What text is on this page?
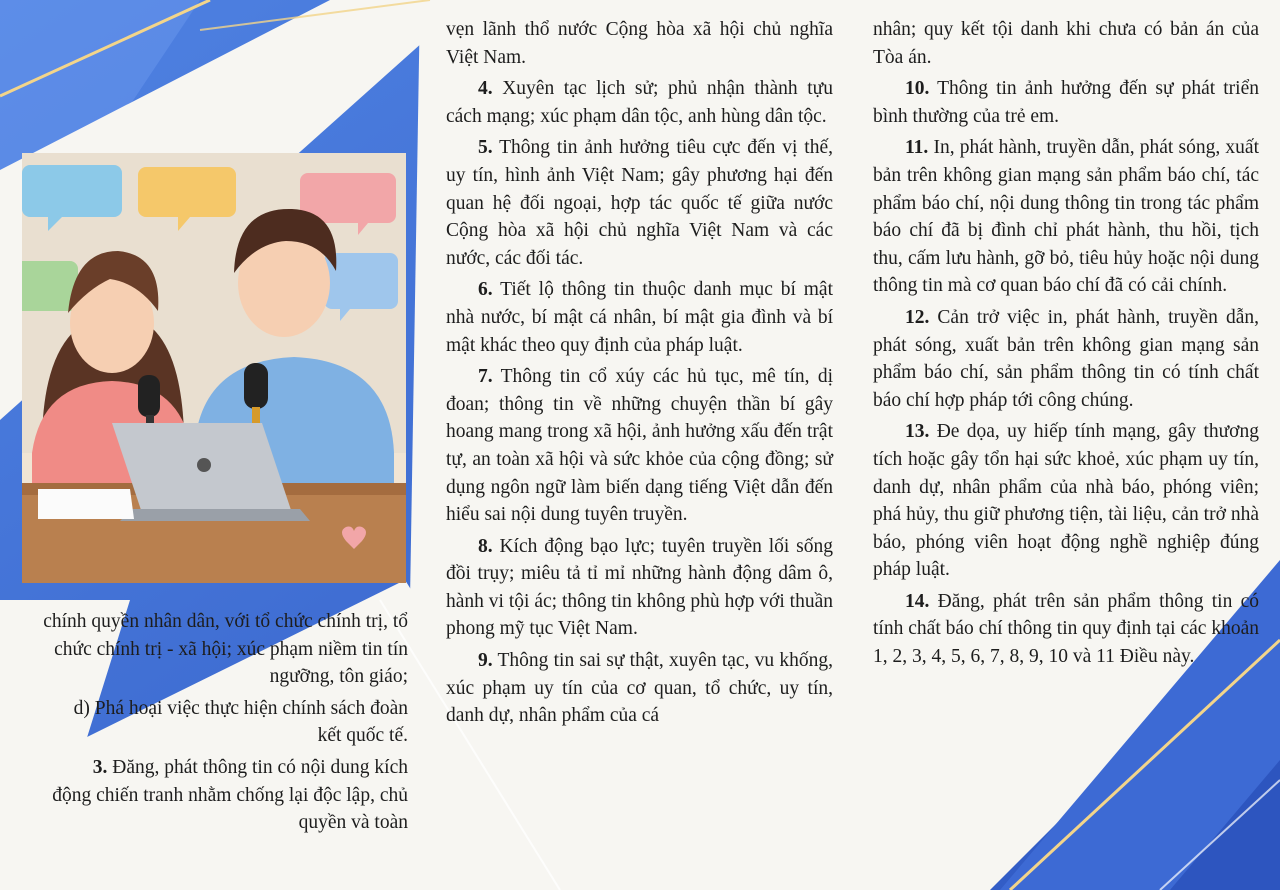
chính quyền nhân dân, với tổ chức chính trị, tổ chức chính trị - xã hội; xúc phạm niềm tin tín ngưỡng, tôn giáo;

d) Phá hoại việc thực hiện chính sách đoàn kết quốc tế.

3. Đăng, phát thông tin có nội dung kích động chiến tranh nhằm chống lại độc lập, chủ quyền và toàn

vẹn lãnh thổ nước Cộng hòa xã hội chủ nghĩa Việt Nam.

4. Xuyên tạc lịch sử; phủ nhận thành tựu cách mạng; xúc phạm dân tộc, anh hùng dân tộc.

5. Thông tin ảnh hưởng tiêu cực đến vị thế, uy tín, hình ảnh Việt Nam; gây phương hại đến quan hệ đối ngoại, hợp tác quốc tế giữa nước Cộng hòa xã hội chủ nghĩa Việt Nam và các nước, các đối tác.

6. Tiết lộ thông tin thuộc danh mục bí mật nhà nước, bí mật cá nhân, bí mật gia đình và bí mật khác theo quy định của pháp luật.

7. Thông tin cổ xúy các hủ tục, mê tín, dị đoan; thông tin về những chuyện thần bí gây hoang mang trong xã hội, ảnh hưởng xấu đến trật tự, an toàn xã hội và sức khỏe của cộng đồng; sử dụng ngôn ngữ làm biến dạng tiếng Việt dẫn đến hiểu sai nội dung tuyên truyền.

8. Kích động bạo lực; tuyên truyền lối sống đồi trụy; miêu tả tỉ mỉ những hành động dâm ô, hành vi tội ác; thông tin không phù hợp với thuần phong mỹ tục Việt Nam.

9. Thông tin sai sự thật, xuyên tạc, vu khống, xúc phạm uy tín của cơ quan, tổ chức, uy tín, danh dự, nhân phẩm của cá

nhân; quy kết tội danh khi chưa có bản án của Tòa án.

10. Thông tin ảnh hưởng đến sự phát triển bình thường của trẻ em.

11. In, phát hành, truyền dẫn, phát sóng, xuất bản trên không gian mạng sản phẩm báo chí, tác phẩm báo chí, nội dung thông tin trong tác phẩm báo chí đã bị đình chỉ phát hành, thu hồi, tịch thu, cấm lưu hành, gỡ bỏ, tiêu hủy hoặc nội dung thông tin mà cơ quan báo chí đã có cải chính.

12. Cản trở việc in, phát hành, truyền dẫn, phát sóng, xuất bản trên không gian mạng sản phẩm báo chí, sản phẩm thông tin có tính chất báo chí hợp pháp tới công chúng.

13. Đe dọa, uy hiếp tính mạng, gây thương tích hoặc gây tổn hại sức khoẻ, xúc phạm uy tín, danh dự, nhân phẩm của nhà báo, phóng viên; phá hủy, thu giữ phương tiện, tài liệu, cản trở nhà báo, phóng viên hoạt động nghề nghiệp đúng pháp luật.

14. Đăng, phát trên sản phẩm thông tin có tính chất báo chí thông tin quy định tại các khoản 1, 2, 3, 4, 5, 6, 7, 8, 9, 10 và 11 Điều này.
